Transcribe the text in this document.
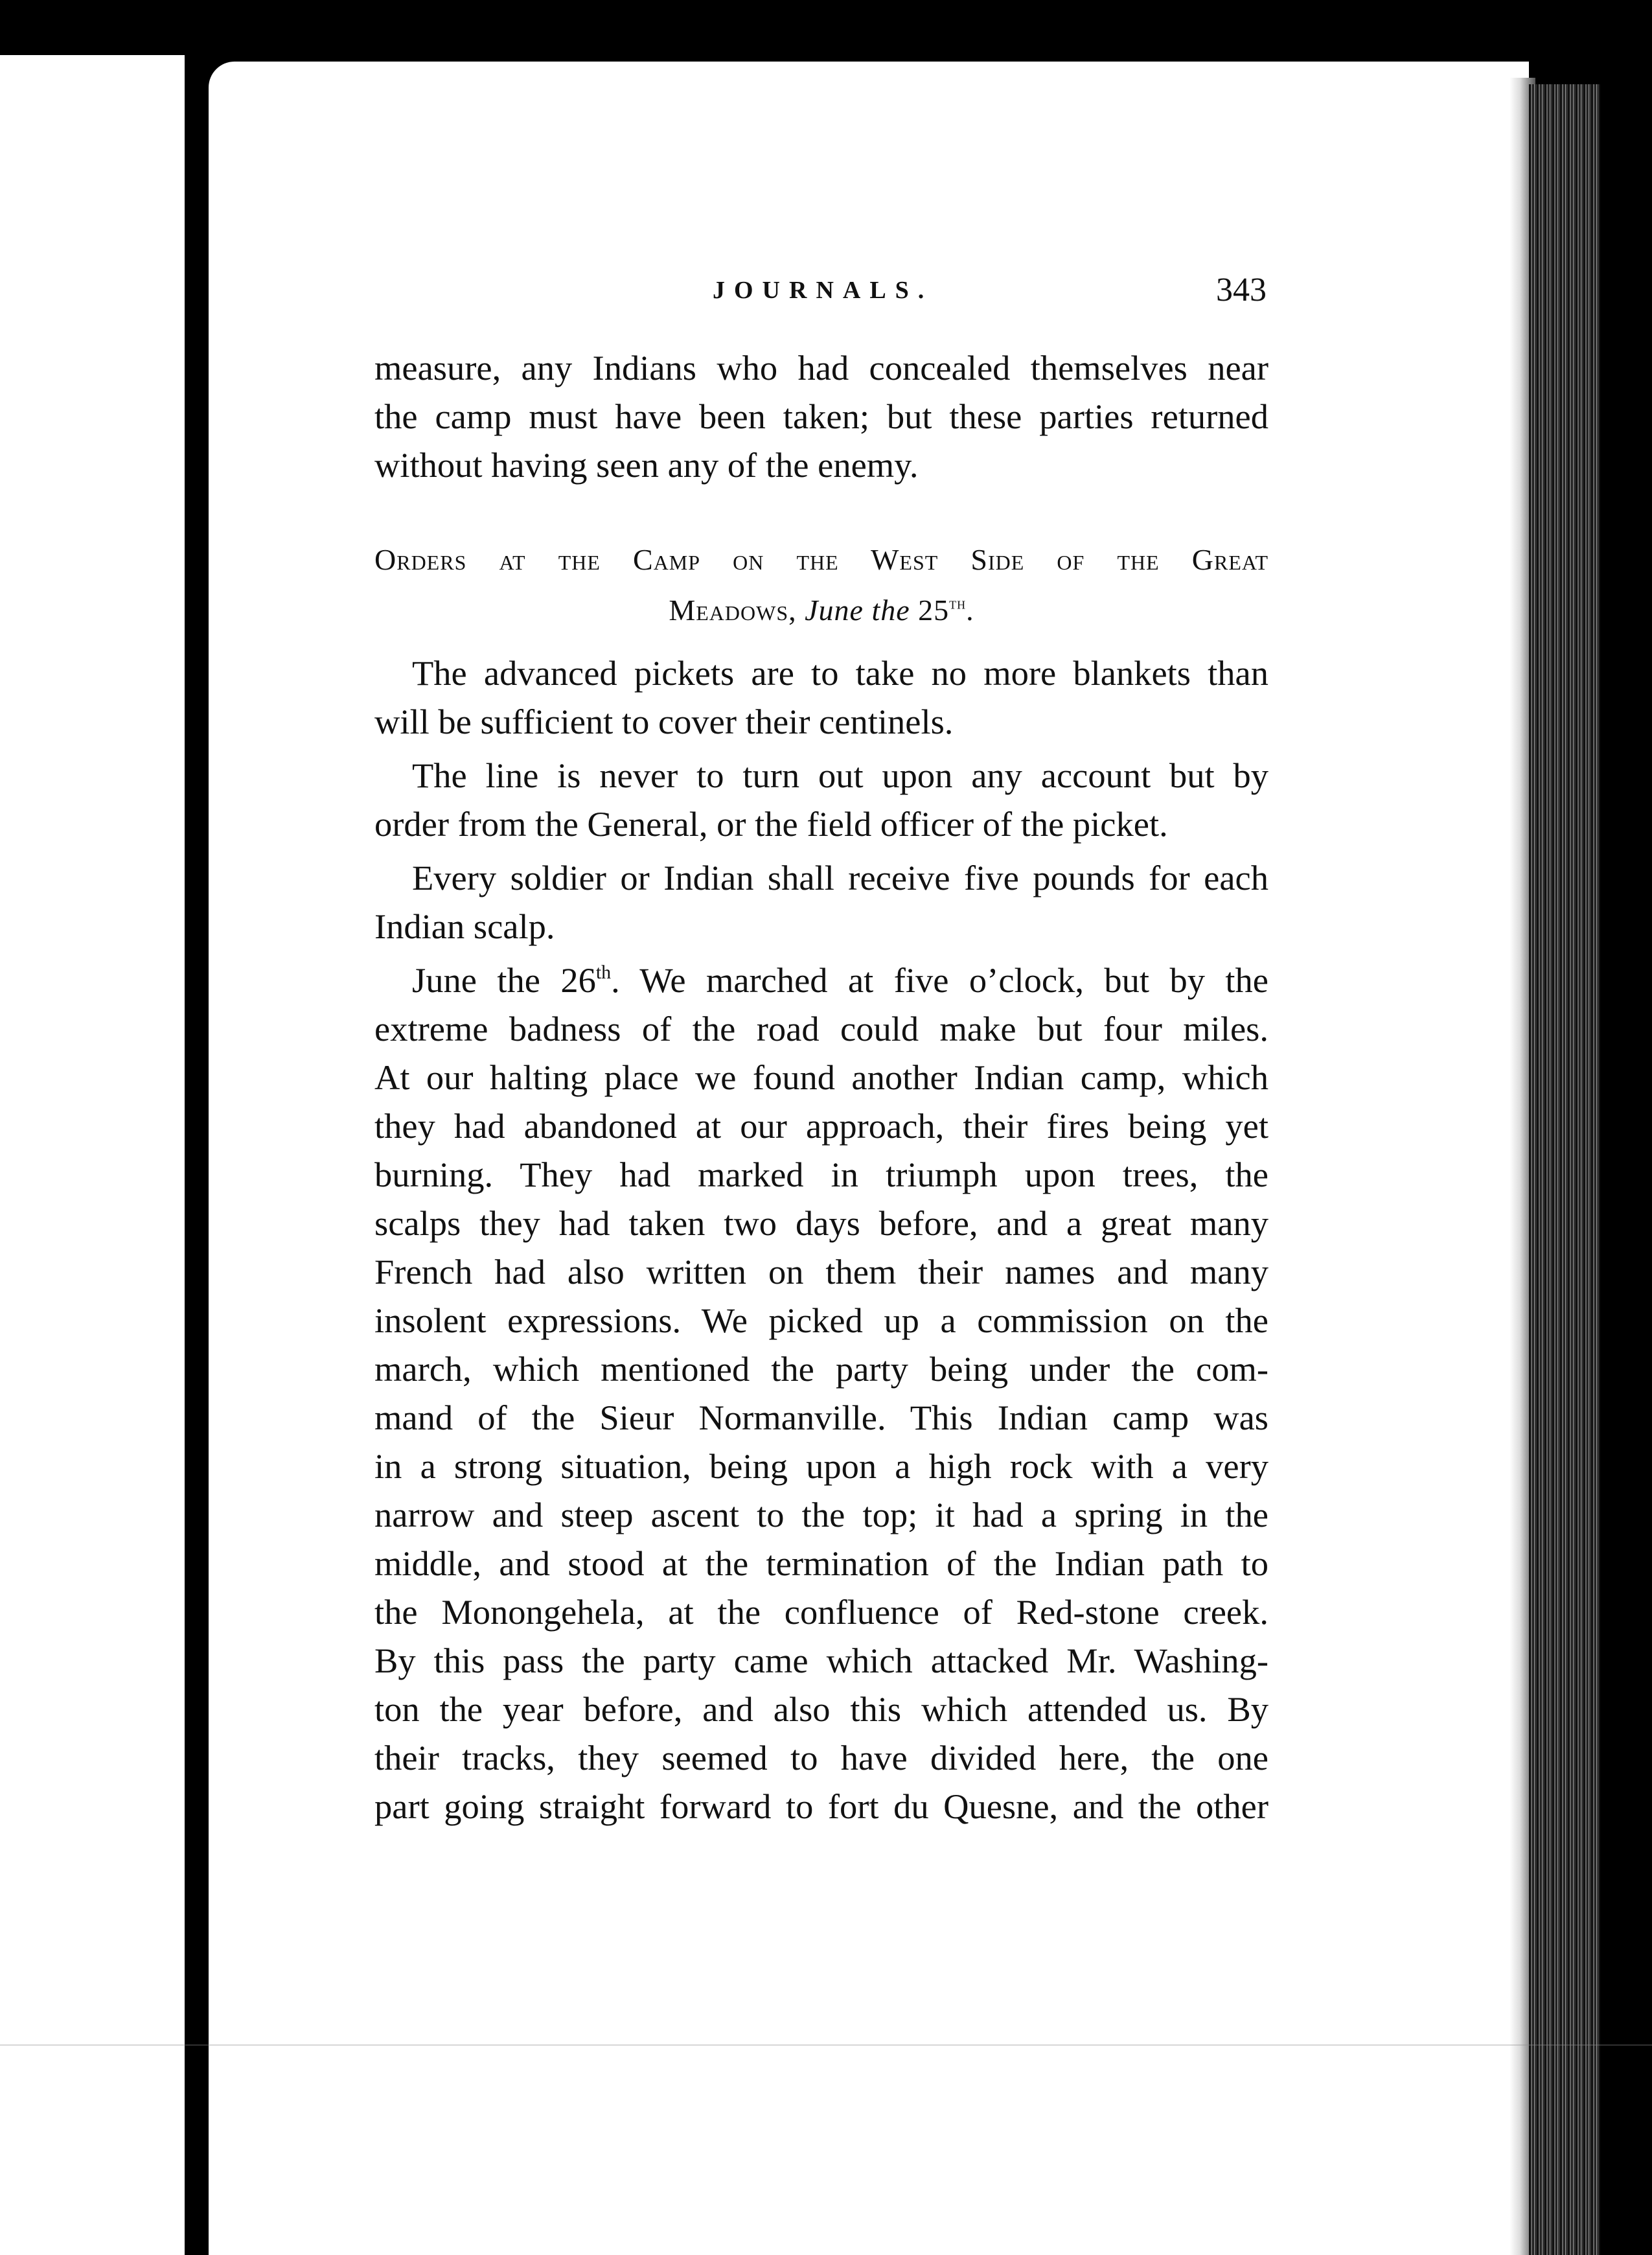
JOURNALS.	343
measure, any Indians who had concealed themselves near
the camp must have been taken; but these parties returned
without having seen any of the enemy.
Orders at the Camp on the West Side of the Great
Meadows, June the 25th.
The advanced pickets are to take no more blankets than
will be sufficient to cover their centinels.
The line is never to turn out upon any account but by
order from the General, or the field officer of the picket.
Every soldier or Indian shall receive five pounds for each
Indian scalp.
June the 26th. We marched at five o’clock, but by the
extreme badness of the road could make but four miles.
At our halting place we found another Indian camp, which
they had abandoned at our approach, their fires being yet
burning. They had marked in triumph upon trees, the
scalps they had taken two days before, and a great many
French had also written on them their names and many
insolent expressions. We picked up a commission on the
march, which mentioned the party being under the com-
mand of the Sieur Normanville. This Indian camp was
in a strong situation, being upon a high rock with a very
narrow and steep ascent to the top; it had a spring in the
middle, and stood at the termination of the Indian path to
the Monongehela, at the confluence of Red-stone creek.
By this pass the party came which attacked Mr. Washing-
ton the year before, and also this which attended us. By
their tracks, they seemed to have divided here, the one
part going straight forward to fort du Quesne, and the other
